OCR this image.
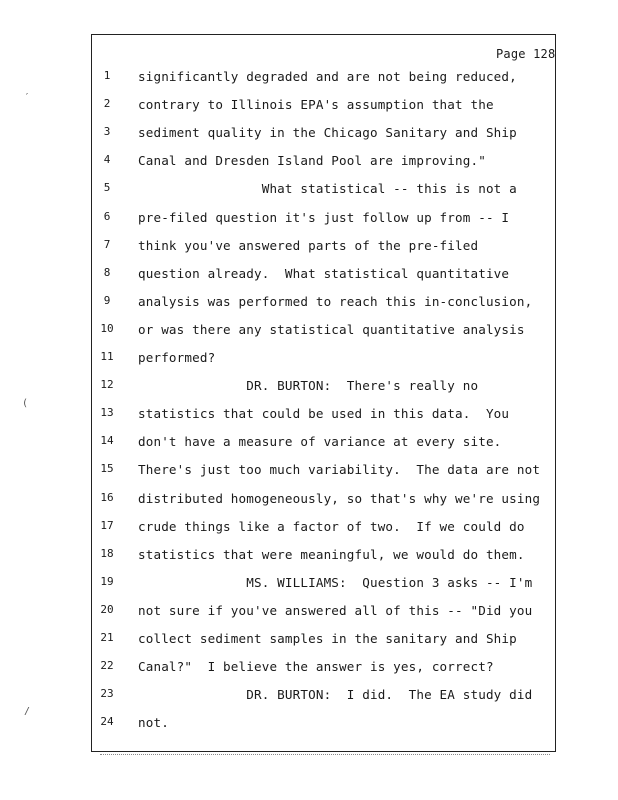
Page 128
1	significantly degraded and are not being reduced,
2	contrary to Illinois EPA's assumption that the
3	sediment quality in the Chicago Sanitary and Ship
4	Canal and Dresden Island Pool are improving."
5	What statistical -- this is not a
6	pre-filed question it's just follow up from -- I
7	think you've answered parts of the pre-filed
8	question already.  What statistical quantitative
9	analysis was performed to reach this in-conclusion,
10	or was there any statistical quantitative analysis
11	performed?
12	DR. BURTON:  There's really no
13	statistics that could be used in this data.  You
14	don't have a measure of variance at every site.
15	There's just too much variability.  The data are not
16	distributed homogeneously, so that's why we're using
17	crude things like a factor of two.  If we could do
18	statistics that were meaningful, we would do them.
19	MS. WILLIAMS:  Question 3 asks -- I'm
20	not sure if you've answered all of this -- "Did you
21	collect sediment samples in the sanitary and Ship
22	Canal?"  I believe the answer is yes, correct?
23	DR. BURTON:  I did.  The EA study did
24	not.
′
(
/
